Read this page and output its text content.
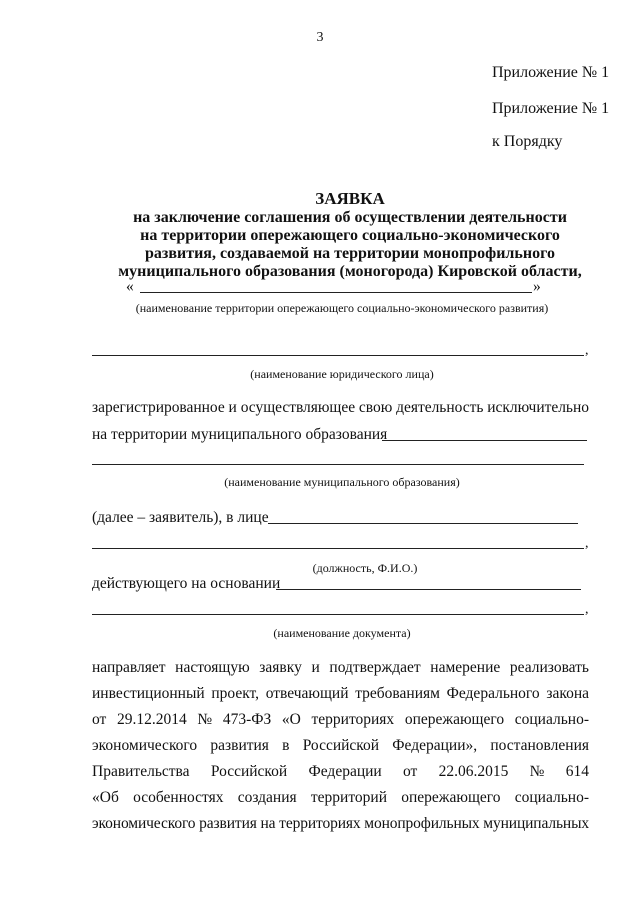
3
Приложение № 1
Приложение № 1
к Порядку
ЗАЯВКА
на заключение соглашения об осуществлении деятельности
на территории опережающего социально-экономического
развития, создаваемой на территории монопрофильного
муниципального образования (моногорода) Кировской области,
«	»
(наименование территории опережающего социально-экономического развития)
,
(наименование юридического лица)
зарегистрированное и осуществляющее свою деятельность исключительно
на территории муниципального образования
(наименование муниципального образования)
(далее – заявитель), в лице
,
(должность, Ф.И.О.)
действующего на основании
,
(наименование документа)
направляет настоящую заявку и подтверждает намерение реализовать
инвестиционный проект, отвечающий требованиям Федерального закона
от 29.12.2014 № 473-ФЗ «О территориях опережающего социально-
экономического развития в Российской Федерации», постановления
Правительства Российской Федерации от 22.06.2015 № 614
«Об особенностях создания территорий опережающего социально-
экономического развития на территориях монопрофильных муниципальных
